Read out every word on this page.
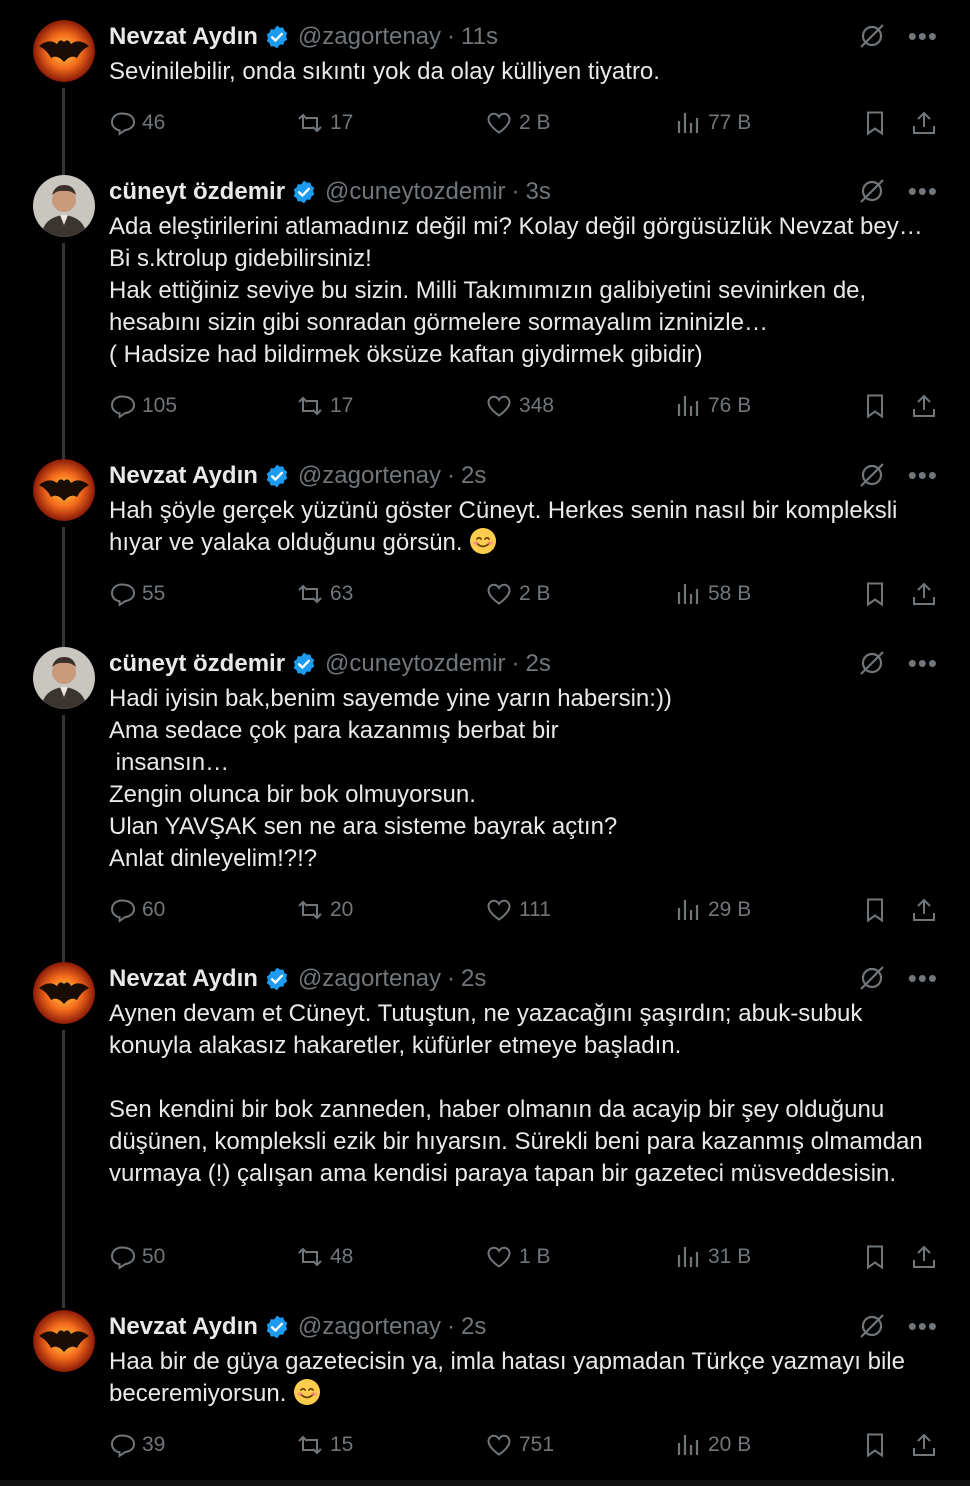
Nevzat Aydın @zagortenay · 11s	•••
Sevinilebilir, onda sıkıntı yok da olay külliyen tiyatro.
46	17	2 B	77 B
cüneyt özdemir @cuneytozdemir · 3s	•••
Ada eleştirilerini atlamadınız değil mi? Kolay değil görgüsüzlük Nevzat bey…
Bi s.ktrolup gidebilirsiniz!
Hak ettiğiniz seviye bu sizin. Milli Takımımızın galibiyetini sevinirken de, hesabını sizin gibi sonradan görmelere sormayalım izninizle…
( Hadsize had bildirmek öksüze kaftan giydirmek gibidir)
105	17	348	76 B
Nevzat Aydın @zagortenay · 2s	•••
Hah şöyle gerçek yüzünü göster Cüneyt. Herkes senin nasıl bir kompleksli hıyar ve yalaka olduğunu görsün.
55	63	2 B	58 B
cüneyt özdemir @cuneytozdemir · 2s	•••
Hadi iyisin bak,benim sayemde yine yarın habersin:))
Ama sedace çok para kazanmış berbat bir
insansın…
Zengin olunca bir bok olmuyorsun.
Ulan YAVŞAK sen ne ara sisteme bayrak açtın?
Anlat dinleyelim!?!?
60	20	111	29 B
Nevzat Aydın @zagortenay · 2s	•••
Aynen devam et Cüneyt. Tutuştun, ne yazacağını şaşırdın; abuk-subuk konuyla alakasız hakaretler, küfürler etmeye başladın.

Sen kendini bir bok zanneden, haber olmanın da acayip bir şey olduğunu düşünen, kompleksli ezik bir hıyarsın. Sürekli beni para kazanmış olmamdan vurmaya (!) çalışan ama kendisi paraya tapan bir gazeteci müsveddesisin.
50	48	1 B	31 B
Nevzat Aydın @zagortenay · 2s	•••
Haa bir de güya gazetecisin ya, imla hatası yapmadan Türkçe yazmayı bile beceremiyorsun.
39	15	751	20 B
